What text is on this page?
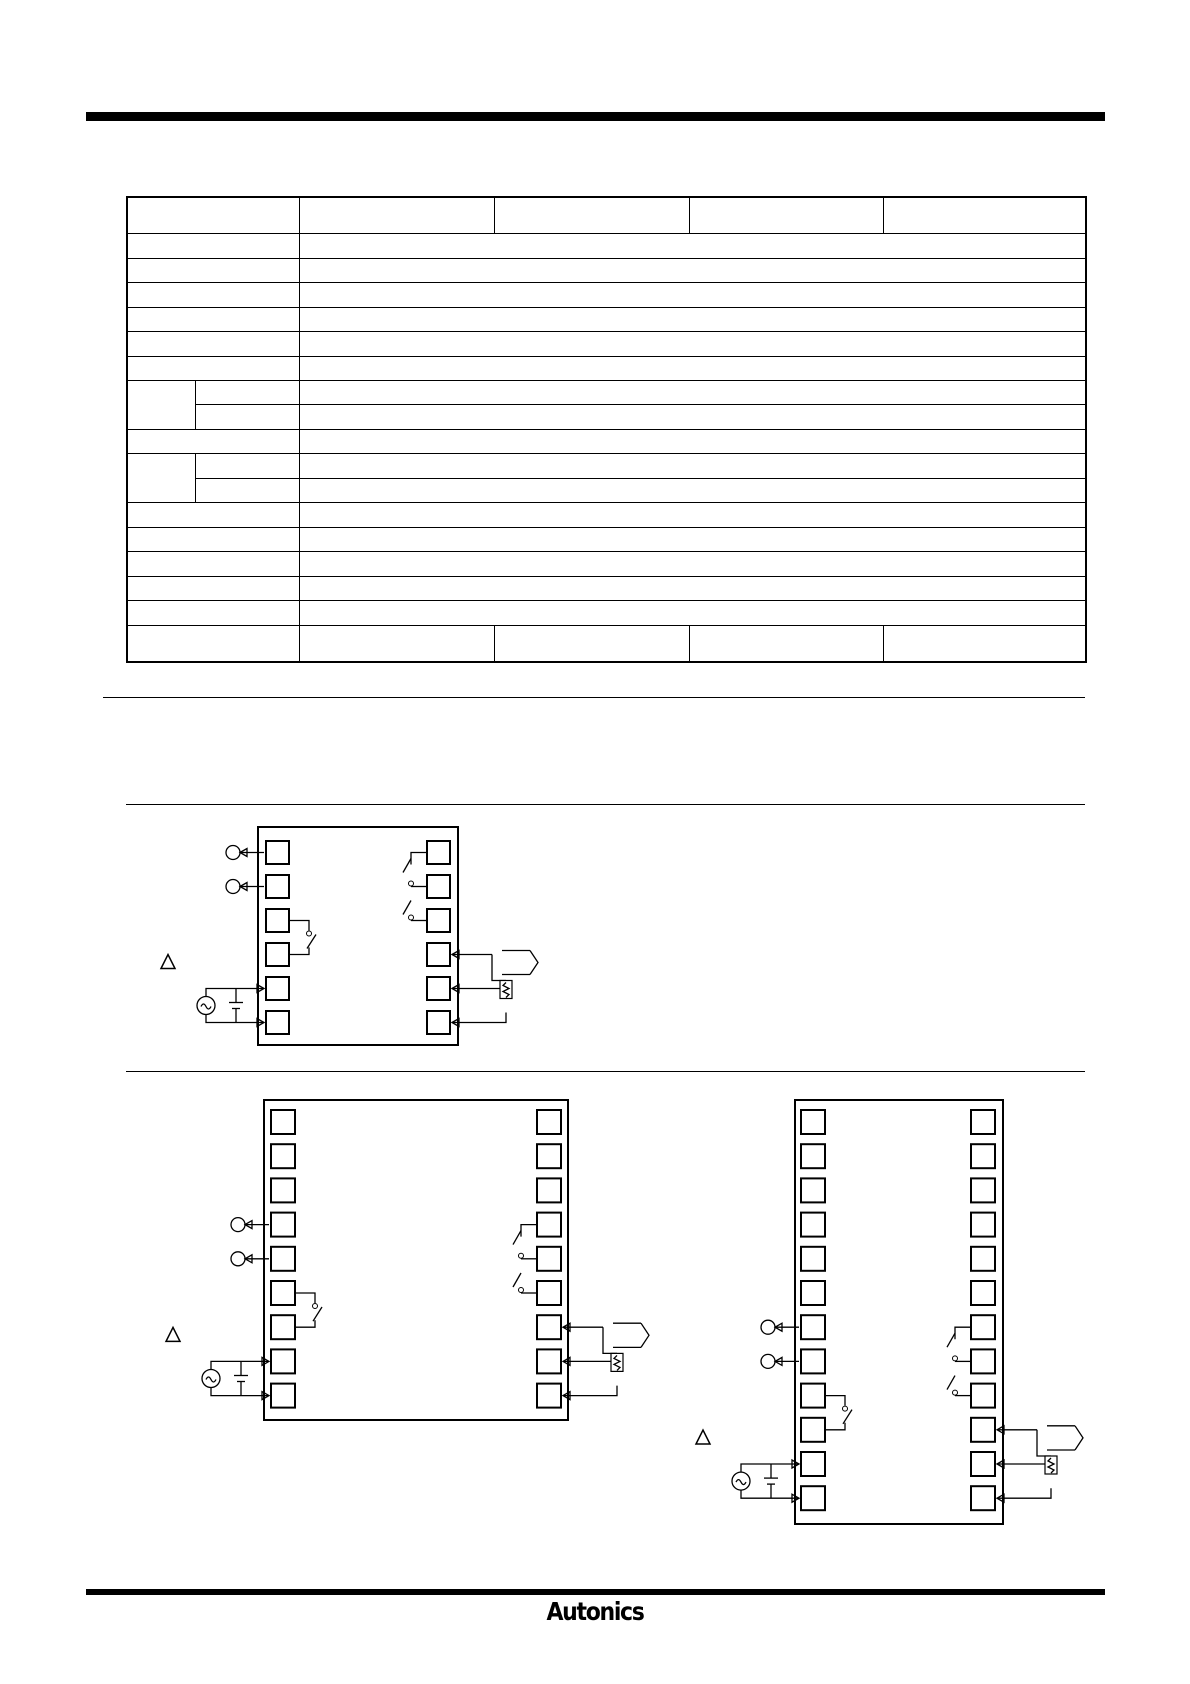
Autonics
